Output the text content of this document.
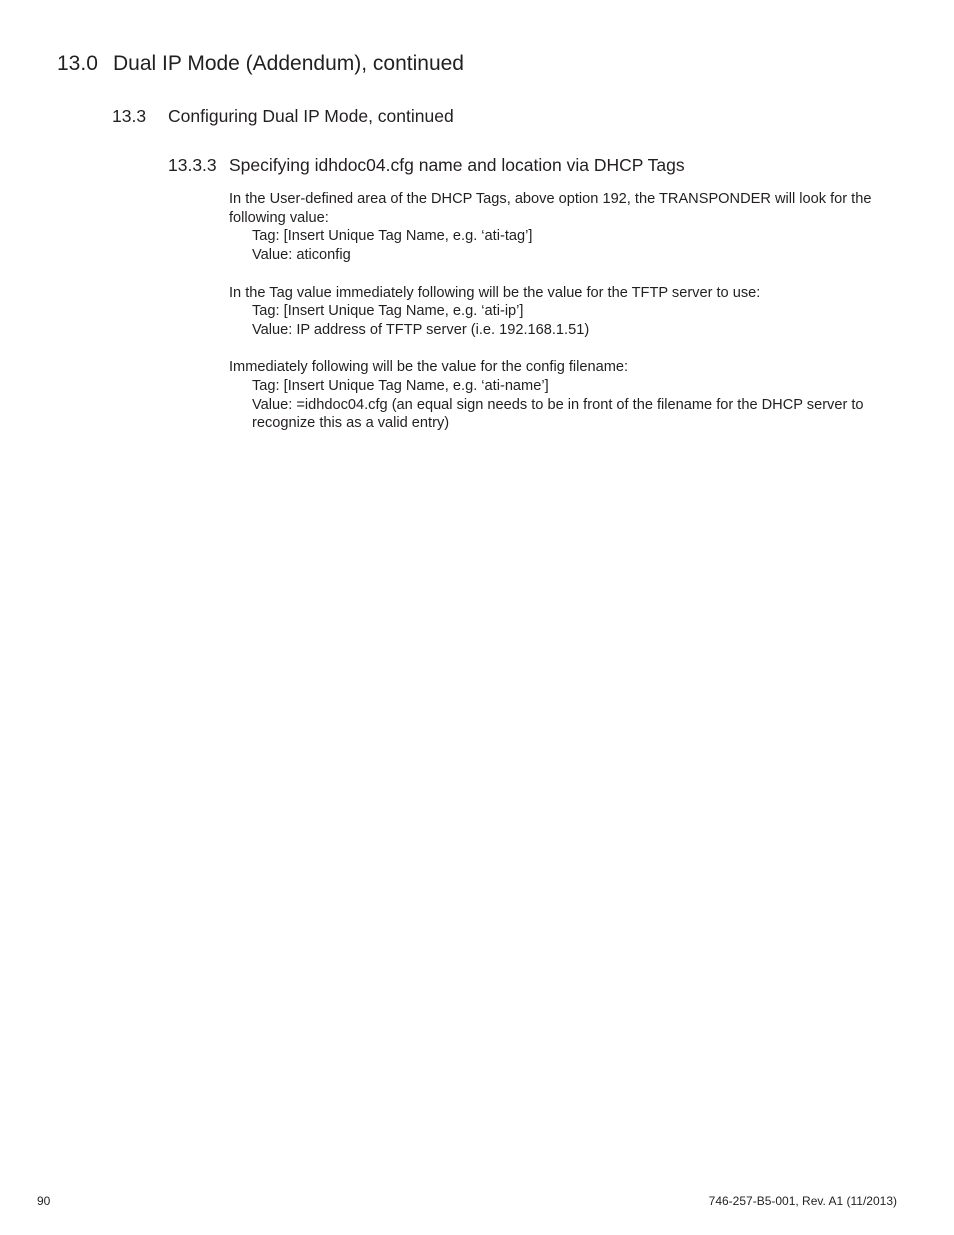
13.0 Dual IP Mode (Addendum), continued
13.3 Configuring Dual IP Mode, continued
13.3.3 Specifying idhdoc04.cfg name and location via DHCP Tags
In the User-defined area of the DHCP Tags, above option 192, the TRANSPONDER will look for the following value:
Tag: [Insert Unique Tag Name, e.g. ‘ati-tag’]
Value: aticonfig
In the Tag value immediately following will be the value for the TFTP server to use:
Tag: [Insert Unique Tag Name, e.g. ‘ati-ip’]
Value: IP address of TFTP server (i.e. 192.168.1.51)
Immediately following will be the value for the config filename:
Tag: [Insert Unique Tag Name, e.g. ‘ati-name’]
Value: =idhdoc04.cfg (an equal sign needs to be in front of the filename for the DHCP server to recognize this as a valid entry)
90	746-257-B5-001, Rev. A1 (11/2013)
